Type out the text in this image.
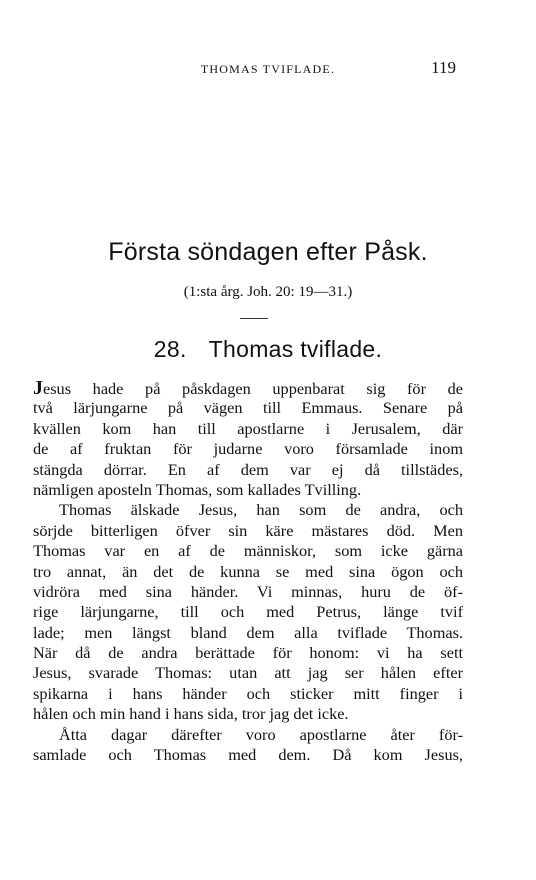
THOMAS TVIFLADE.	119
Första söndagen efter Påsk.
(1:sta årg. Joh. 20: 19—31.)
28. Thomas tviflade.
Jesus hade på påskdagen uppenbarat sig för de
två lärjungarne på vägen till Emmaus. Senare på
kvällen kom han till apostlarne i Jerusalem, där
de af fruktan för judarne voro församlade inom
stängda dörrar. En af dem var ej då tillstädes,
nämligen aposteln Thomas, som kallades Tvilling.
Thomas älskade Jesus, han som de andra, och
sörjde bitterligen öfver sin käre mästares död. Men
Thomas var en af de människor, som icke gärna
tro annat, än det de kunna se med sina ögon och
vidröra med sina händer. Vi minnas, huru de öf-
rige lärjungarne, till och med Petrus, länge tvif
lade; men längst bland dem alla tviflade Thomas.
När då de andra berättade för honom: vi ha sett
Jesus, svarade Thomas: utan att jag ser hålen efter
spikarna i hans händer och sticker mitt finger i
hålen och min hand i hans sida, tror jag det icke.
Åtta dagar därefter voro apostlarne åter för-
samlade och Thomas med dem. Då kom Jesus,
